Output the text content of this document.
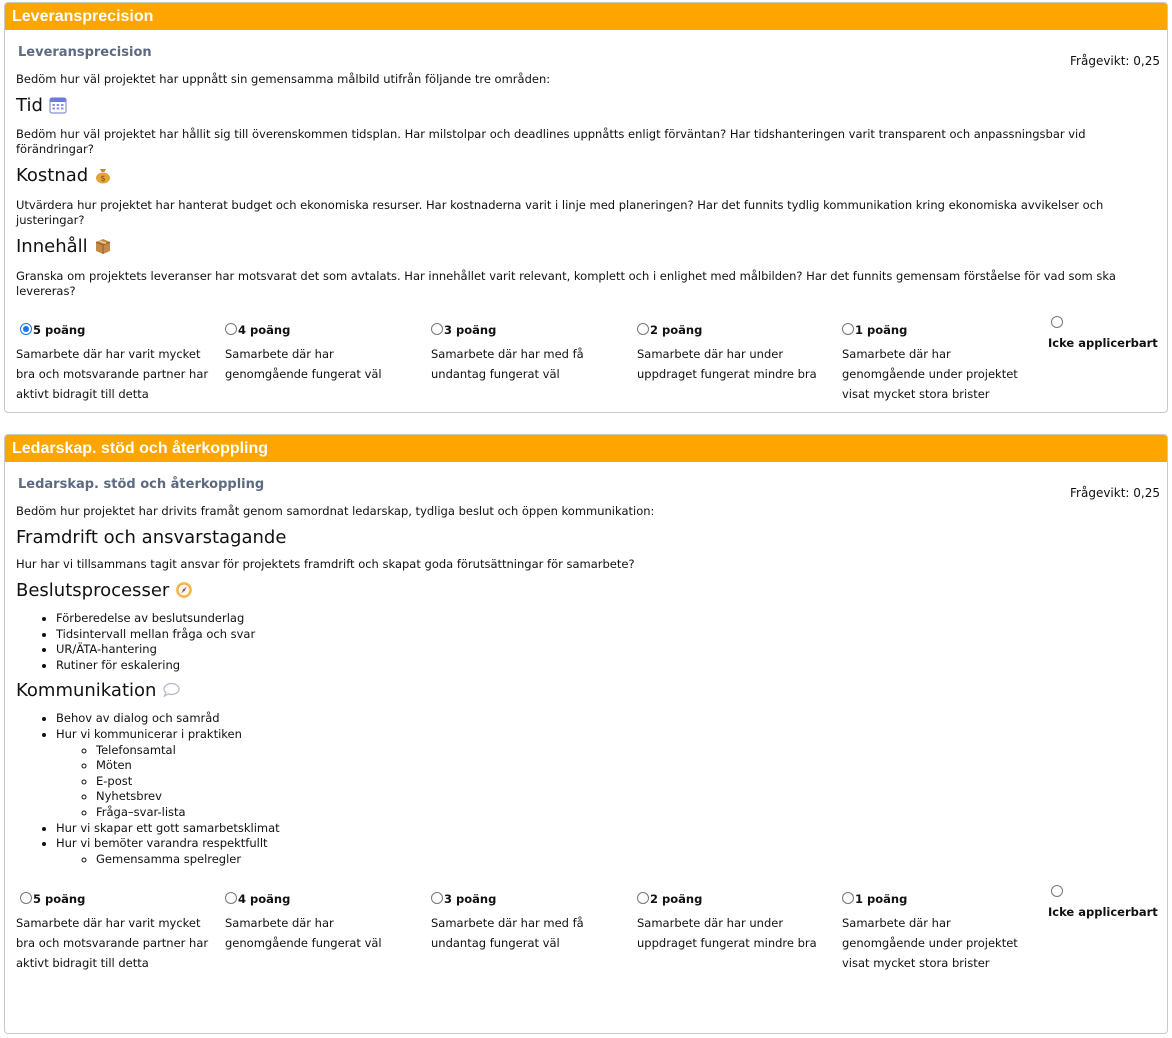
Leveransprecision
Frågevikt: 0,25
Leveransprecision

Bedöm hur väl projektet har uppnått sin gemensamma målbild utifrån följande tre områden:

Tid

Bedöm hur väl projektet har hållit sig till överenskommen tidsplan. Har milstolpar och deadlines uppnåtts enligt förväntan? Har tidshanteringen varit transparent och anpassningsbar vid förändringar?

Kostnad $

Utvärdera hur projektet har hanterat budget och ekonomiska resurser. Har kostnaderna varit i linje med planeringen? Har det funnits tydlig kommunikation kring ekonomiska avvikelser och justeringar?

Innehåll

Granska om projektets leveranser har motsvarat det som avtalats. Har innehållet varit relevant, komplett och i enlighet med målbilden? Har det funnits gemensam förståelse för vad som ska levereras?

5 poäng
Samarbete där har varit mycket bra och motsvarande partner har aktivt bidragit till detta
4 poäng
Samarbete där har genomgående fungerat väl
3 poäng
Samarbete där har med få undantag fungerat väl
2 poäng
Samarbete där har under uppdraget fungerat mindre bra
1 poäng
Samarbete där har genomgående under projektet visat mycket stora brister
Icke applicerbart
Ledarskap. stöd och återkoppling
Frågevikt: 0,25
Ledarskap. stöd och återkoppling

Bedöm hur projektet har drivits framåt genom samordnat ledarskap, tydliga beslut och öppen kommunikation:

Framdrift och ansvarstagande

Hur har vi tillsammans tagit ansvar för projektets framdrift och skapat goda förutsättningar för samarbete?

Beslutsprocesser
• Förberedelse av beslutsunderlag
• Tidsintervall mellan fråga och svar
• UR/ÄTA-hantering
• Rutiner för eskalering
Kommunikation
• Behov av dialog och samråd
• Hur vi kommunicerar i praktiken
◦ Telefonsamtal
◦ Möten
◦ E-post
◦ Nyhetsbrev
◦ Fråga–svar-lista
• Hur vi skapar ett gott samarbetsklimat
• Hur vi bemöter varandra respektfullt
◦ Gemensamma spelregler
5 poäng
Samarbete där har varit mycket bra och motsvarande partner har aktivt bidragit till detta
4 poäng
Samarbete där har genomgående fungerat väl
3 poäng
Samarbete där har med få undantag fungerat väl
2 poäng
Samarbete där har under uppdraget fungerat mindre bra
1 poäng
Samarbete där har genomgående under projektet visat mycket stora brister
Icke applicerbart
